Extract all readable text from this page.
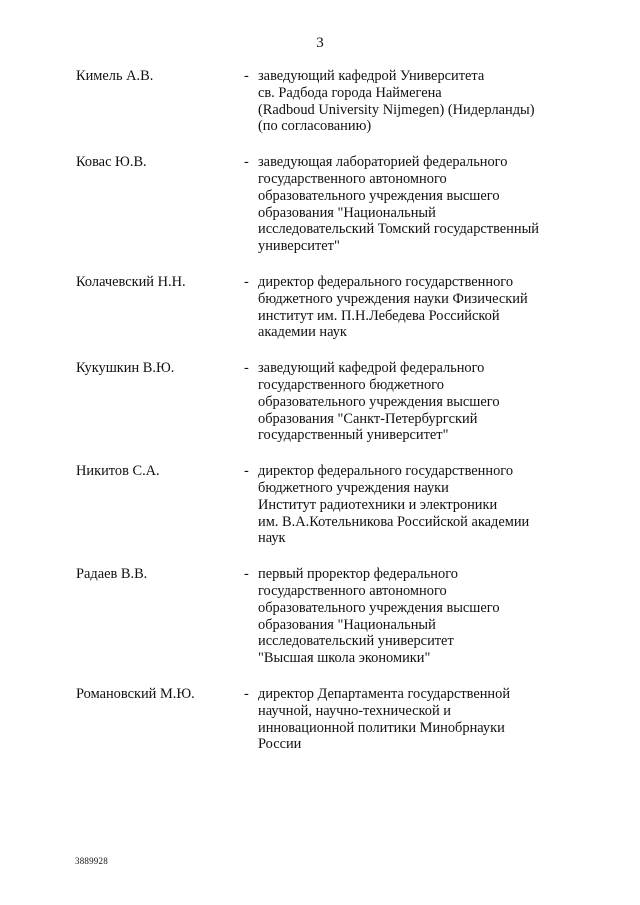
3
Кимель А.В.	- заведующий кафедрой Университета
св. Радбода города Наймегена
(Radboud University Nijmegen) (Нидерланды)
(по согласованию)
Ковас Ю.В.	- заведующая лабораторией федерального
государственного автономного
образовательного учреждения высшего
образования "Национальный
исследовательский Томский государственный
университет"
Колачевский Н.Н.	- директор федерального государственного
бюджетного учреждения науки Физический
институт им. П.Н.Лебедева Российской
академии наук
Кукушкин В.Ю.	- заведующий кафедрой федерального
государственного бюджетного
образовательного учреждения высшего
образования "Санкт-Петербургский
государственный университет"
Никитов С.А.	- директор федерального государственного
бюджетного учреждения науки
Институт радиотехники и электроники
им. В.А.Котельникова Российской академии
наук
Радаев В.В.	- первый проректор федерального
государственного автономного
образовательного учреждения высшего
образования "Национальный
исследовательский университет
"Высшая школа экономики"
Романовский М.Ю.	- директор Департамента государственной
научной, научно-технической и
инновационной политики Минобрнауки
России
3889928
